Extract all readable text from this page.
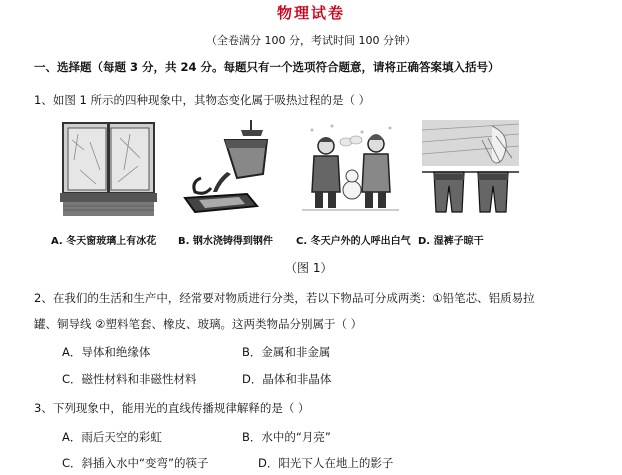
物理试卷
（全卷满分 100 分，考试时间 100 分钟）
一、选择题（每题 3 分，共 24 分。每题只有一个选项符合题意，请将正确答案填入括号）
1、如图 1 所示的四种现象中，其物态变化属于吸热过程的是（ ）
A. 冬天窗玻璃上有冰花 B. 钢水浇铸得到钢件 C. 冬天户外的人呼出白气 D. 湿裤子晾干
（图 1）
2、在我们的生活和生产中，经常要对物质进行分类，若以下物品可分成两类：①铅笔芯、铝质易拉
罐、铜导线 ②塑料笔套、橡皮、玻璃。这两类物品分别属于（ ）
A．导体和绝缘体	B．金属和非金属
C．磁性材料和非磁性材料	D．晶体和非晶体
3、下列现象中，能用光的直线传播规律解释的是（ ）
A．雨后天空的彩虹	B．水中的“月亮”
C．斜插入水中“变弯”的筷子	D．阳光下人在地上的影子
